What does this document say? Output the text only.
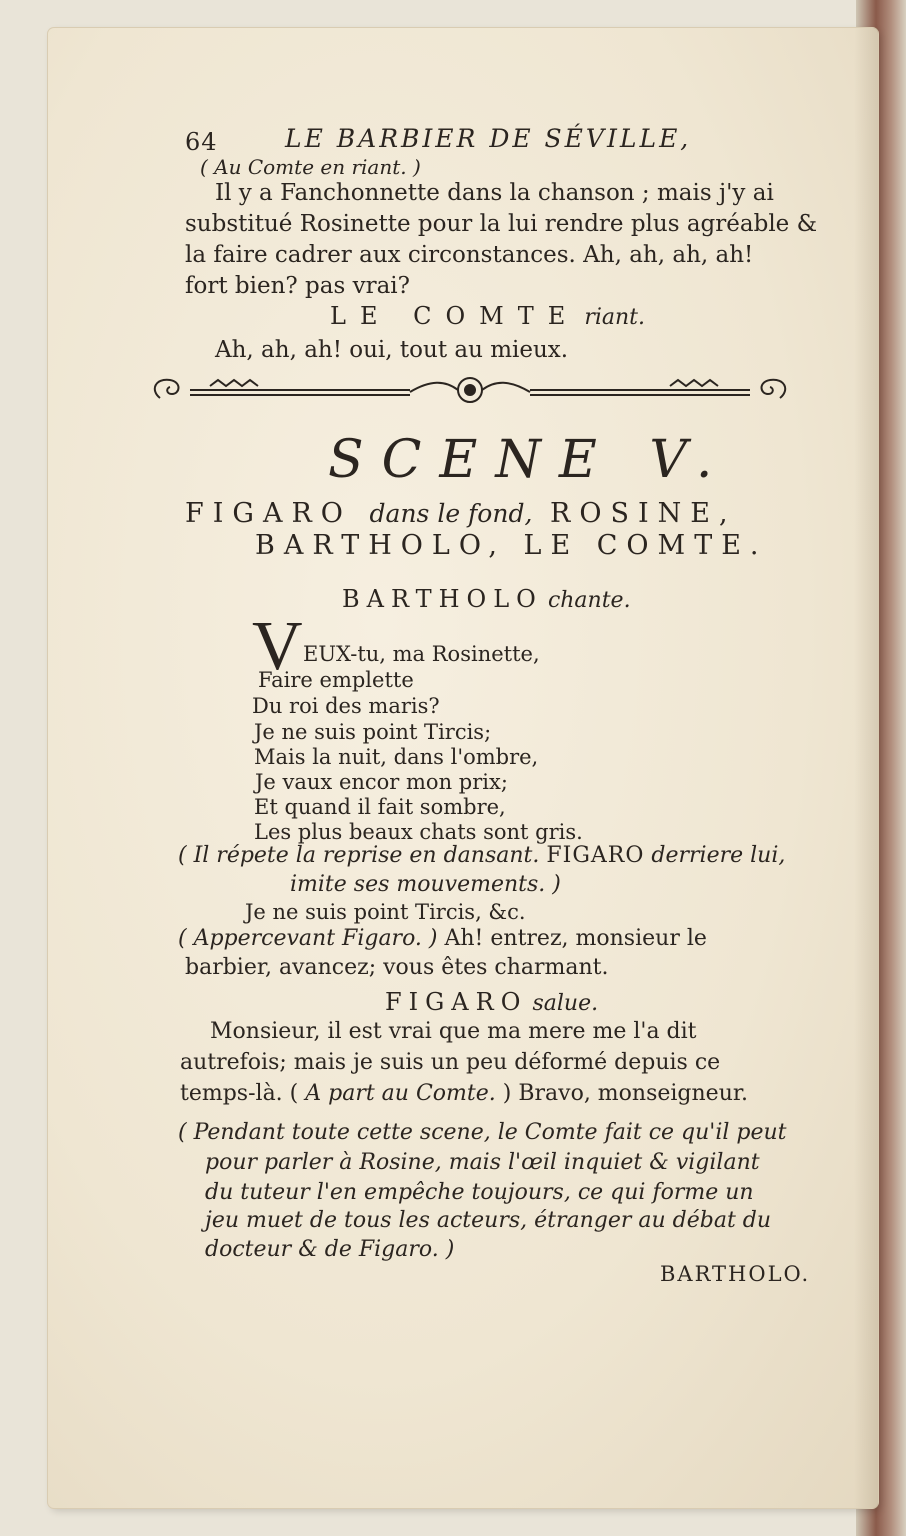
64	LE BARBIER DE SÉVILLE,
( Au Comte en riant. )
Il y a Fanchonnette dans la chanson ; mais j'y ai
substitué Rosinette pour la lui rendre plus agréable &
la faire cadrer aux circonstances. Ah, ah, ah, ah!
fort bien? pas vrai?
LE COMTE riant.
Ah, ah, ah! oui, tout au mieux.
SCENE V.
FIGARO dans le fond, ROSINE,
BARTHOLO, LE COMTE.
BARTHOLO chante.
V EUX-tu, ma Rosinette,
Faire emplette
Du roi des maris?
Je ne suis point Tircis;
Mais la nuit, dans l'ombre,
Je vaux encor mon prix;
Et quand il fait sombre,
Les plus beaux chats sont gris.
( Il répete la reprise en dansant. FIGARO derriere lui,
imite ses mouvements. )
Je ne suis point Tircis, &c.
( Appercevant Figaro. ) Ah! entrez, monsieur le
barbier, avancez; vous êtes charmant.
FIGARO salue.
Monsieur, il est vrai que ma mere me l'a dit
autrefois; mais je suis un peu déformé depuis ce
temps-là. ( A part au Comte. ) Bravo, monseigneur.
( Pendant toute cette scene, le Comte fait ce qu'il peut
pour parler à Rosine, mais l'œil inquiet & vigilant
du tuteur l'en empêche toujours, ce qui forme un
jeu muet de tous les acteurs, étranger au débat du
docteur & de Figaro. )
BARTHOLO.
